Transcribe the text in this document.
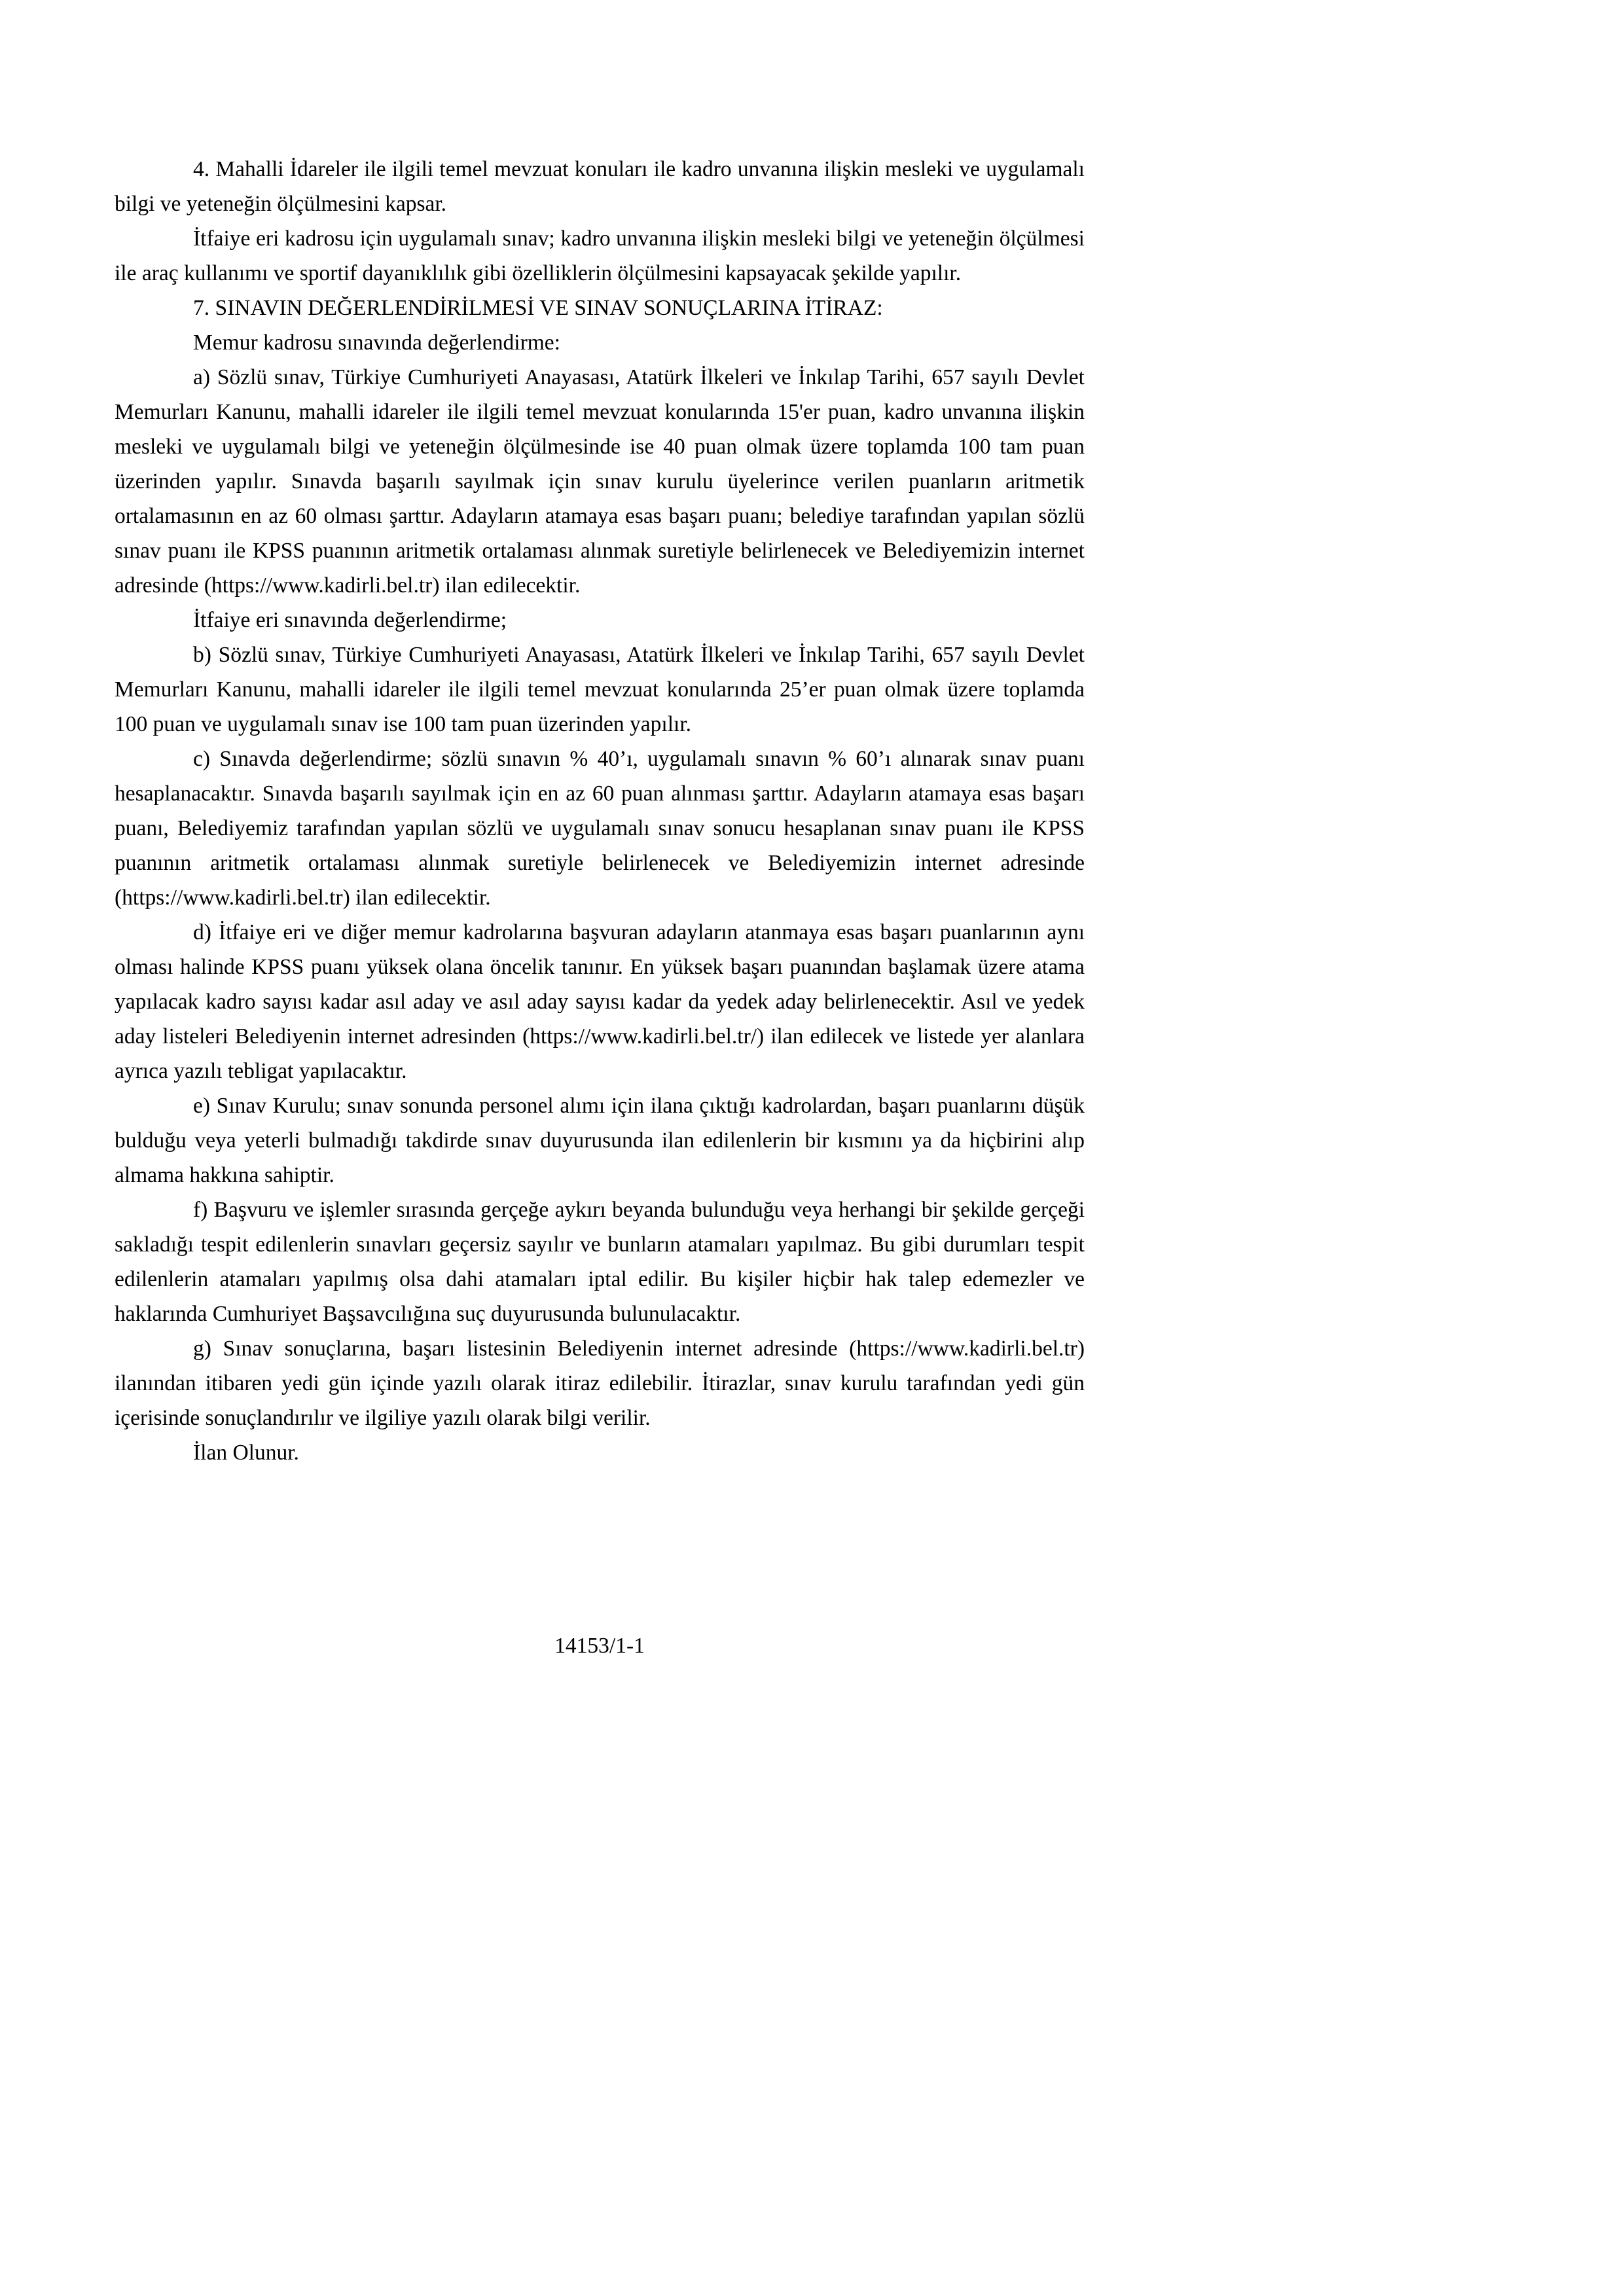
4. Mahalli İdareler ile ilgili temel mevzuat konuları ile kadro unvanına ilişkin mesleki ve uygulamalı bilgi ve yeteneğin ölçülmesini kapsar.

İtfaiye eri kadrosu için uygulamalı sınav; kadro unvanına ilişkin mesleki bilgi ve yeteneğin ölçülmesi ile araç kullanımı ve sportif dayanıklılık gibi özelliklerin ölçülmesini kapsayacak şekilde yapılır.

7. SINAVIN DEĞERLENDİRİLMESİ VE SINAV SONUÇLARINA İTİRAZ:

Memur kadrosu sınavında değerlendirme:

a) Sözlü sınav, Türkiye Cumhuriyeti Anayasası, Atatürk İlkeleri ve İnkılap Tarihi, 657 sayılı Devlet Memurları Kanunu, mahalli idareler ile ilgili temel mevzuat konularında 15'er puan, kadro unvanına ilişkin mesleki ve uygulamalı bilgi ve yeteneğin ölçülmesinde ise 40 puan olmak üzere toplamda 100 tam puan üzerinden yapılır. Sınavda başarılı sayılmak için sınav kurulu üyelerince verilen puanların aritmetik ortalamasının en az 60 olması şarttır. Adayların atamaya esas başarı puanı; belediye tarafından yapılan sözlü sınav puanı ile KPSS puanının aritmetik ortalaması alınmak suretiyle belirlenecek ve Belediyemizin internet adresinde (https://www.kadirli.bel.tr) ilan edilecektir.

İtfaiye eri sınavında değerlendirme;

b) Sözlü sınav, Türkiye Cumhuriyeti Anayasası, Atatürk İlkeleri ve İnkılap Tarihi, 657 sayılı Devlet Memurları Kanunu, mahalli idareler ile ilgili temel mevzuat konularında 25’er puan olmak üzere toplamda 100 puan ve uygulamalı sınav ise 100 tam puan üzerinden yapılır.

c) Sınavda değerlendirme; sözlü sınavın % 40’ı, uygulamalı sınavın % 60’ı alınarak sınav puanı hesaplanacaktır. Sınavda başarılı sayılmak için en az 60 puan alınması şarttır. Adayların atamaya esas başarı puanı, Belediyemiz tarafından yapılan sözlü ve uygulamalı sınav sonucu hesaplanan sınav puanı ile KPSS puanının aritmetik ortalaması alınmak suretiyle belirlenecek ve Belediyemizin internet adresinde (https://www.kadirli.bel.tr) ilan edilecektir.

d) İtfaiye eri ve diğer memur kadrolarına başvuran adayların atanmaya esas başarı puanlarının aynı olması halinde KPSS puanı yüksek olana öncelik tanınır. En yüksek başarı puanından başlamak üzere atama yapılacak kadro sayısı kadar asıl aday ve asıl aday sayısı kadar da yedek aday belirlenecektir. Asıl ve yedek aday listeleri Belediyenin internet adresinden (https://www.kadirli.bel.tr/) ilan edilecek ve listede yer alanlara ayrıca yazılı tebligat yapılacaktır.

e) Sınav Kurulu; sınav sonunda personel alımı için ilana çıktığı kadrolardan, başarı puanlarını düşük bulduğu veya yeterli bulmadığı takdirde sınav duyurusunda ilan edilenlerin bir kısmını ya da hiçbirini alıp almama hakkına sahiptir.

f) Başvuru ve işlemler sırasında gerçeğe aykırı beyanda bulunduğu veya herhangi bir şekilde gerçeği sakladığı tespit edilenlerin sınavları geçersiz sayılır ve bunların atamaları yapılmaz. Bu gibi durumları tespit edilenlerin atamaları yapılmış olsa dahi atamaları iptal edilir. Bu kişiler hiçbir hak talep edemezler ve haklarında Cumhuriyet Başsavcılığına suç duyurusunda bulunulacaktır.

g) Sınav sonuçlarına, başarı listesinin Belediyenin internet adresinde (https://www.kadirli.bel.tr) ilanından itibaren yedi gün içinde yazılı olarak itiraz edilebilir. İtirazlar, sınav kurulu tarafından yedi gün içerisinde sonuçlandırılır ve ilgiliye yazılı olarak bilgi verilir.

İlan Olunur.

14153/1-1
